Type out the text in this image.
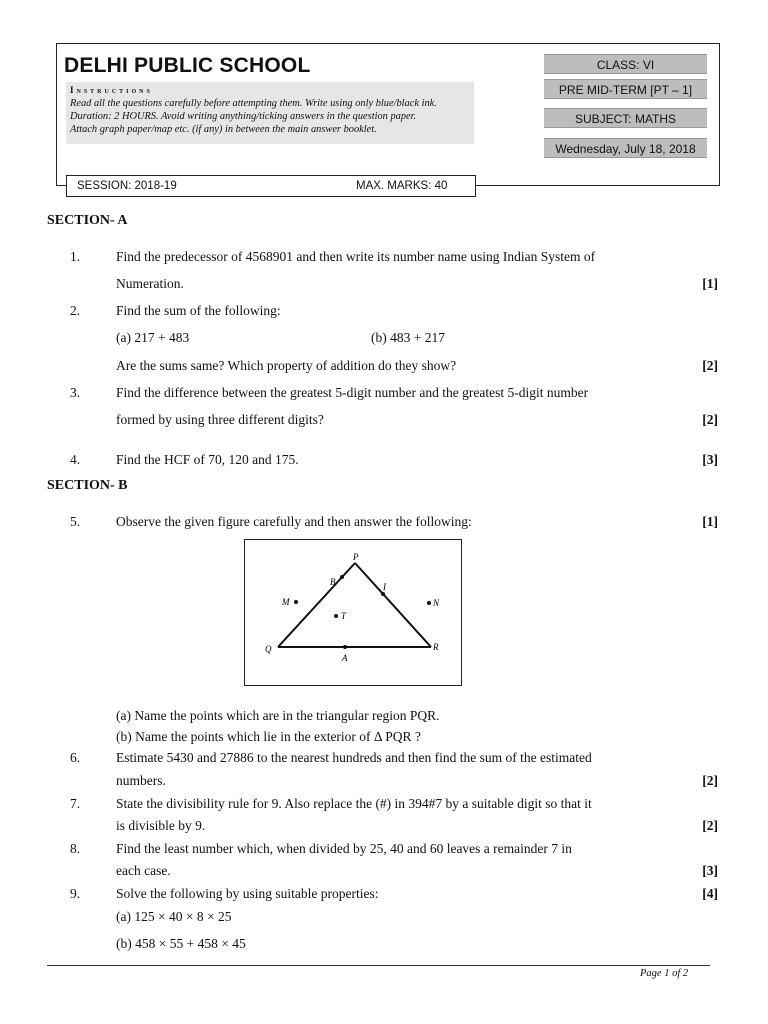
DELHI PUBLIC SCHOOL
Instructions
Read all the questions carefully before attempting them. Write using only blue/black ink.
Duration: 2 HOURS. Avoid writing anything/ticking answers in the question paper.
Attach graph paper/map etc. (if any) in between the main answer booklet.
CLASS: VI
PRE MID-TERM [PT – 1]
SUBJECT: MATHS
Wednesday, July 18, 2018
SESSION: 2018-19	MAX. MARKS: 40
SECTION- A
1.	Find the predecessor of 4568901 and then write its number name using Indian System of
Numeration.	[1]
2.	Find the sum of the following:
(a) 217 + 483	(b) 483 + 217
Are the sums same? Which property of addition do they show?	[2]
3.	Find the difference between the greatest 5-digit number and the greatest 5-digit number
formed by using three different digits?	[2]
4.	Find the HCF of 70, 120 and 175.	[3]
SECTION- B
5.	Observe the given figure carefully and then answer the following:	[1]
P
Q	R
A
B	I
T
M	N
(a) Name the points which are in the triangular region PQR.
(b) Name the points which lie in the exterior of Δ PQR ?
6.	Estimate 5430 and 27886 to the nearest hundreds and then find the sum of the estimated
numbers.	[2]
7.	State the divisibility rule for 9. Also replace the (#) in 394#7 by a suitable digit so that it
is divisible by 9.	[2]
8.	Find the least number which, when divided by 25, 40 and 60 leaves a remainder 7 in
each case.	[3]
9.	Solve the following by using suitable properties:	[4]
(a) 125 × 40 × 8 × 25
(b) 458 × 55 + 458 × 45
Page 1 of 2
